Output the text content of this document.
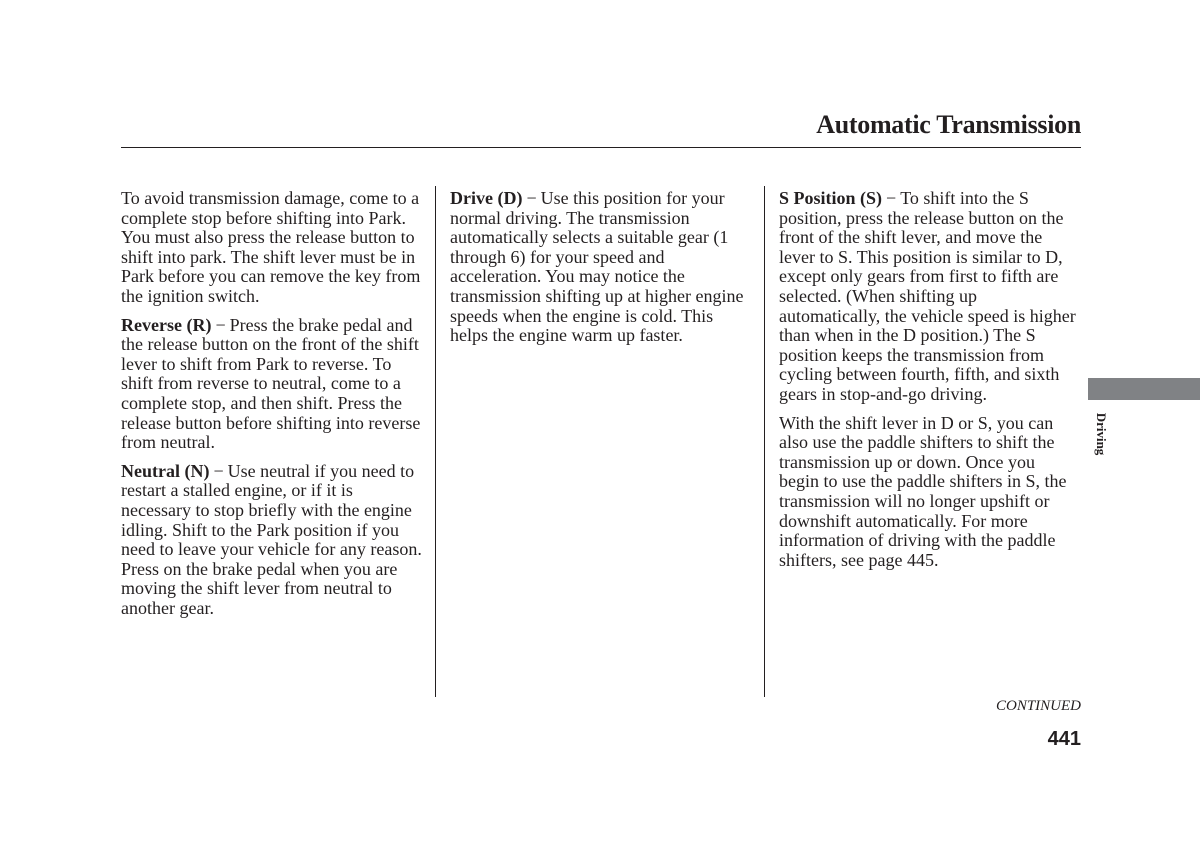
Automatic Transmission

To avoid transmission damage, come to a complete stop before shifting into Park. You must also press the release button to shift into park. The shift lever must be in Park before you can remove the key from the ignition switch.

Reverse (R) − Press the brake pedal and the release button on the front of the shift lever to shift from Park to reverse. To shift from reverse to neutral, come to a complete stop, and then shift. Press the release button before shifting into reverse from neutral.

Neutral (N) − Use neutral if you need to restart a stalled engine, or if it is necessary to stop briefly with the engine idling. Shift to the Park position if you need to leave your vehicle for any reason. Press on the brake pedal when you are moving the shift lever from neutral to another gear.

Drive (D) − Use this position for your normal driving. The transmission automatically selects a suitable gear (1 through 6) for your speed and acceleration. You may notice the transmission shifting up at higher engine speeds when the engine is cold. This helps the engine warm up faster.

S Position (S) − To shift into the S position, press the release button on the front of the shift lever, and move the lever to S. This position is similar to D, except only gears from first to fifth are selected. (When shifting up automatically, the vehicle speed is higher than when in the D position.) The S position keeps the transmission from cycling between fourth, fifth, and sixth gears in stop-and-go driving.

With the shift lever in D or S, you can also use the paddle shifters to shift the transmission up or down. Once you begin to use the paddle shifters in S, the transmission will no longer upshift or downshift automatically. For more information of driving with the paddle shifters, see page 445.

Driving
CONTINUED
441
